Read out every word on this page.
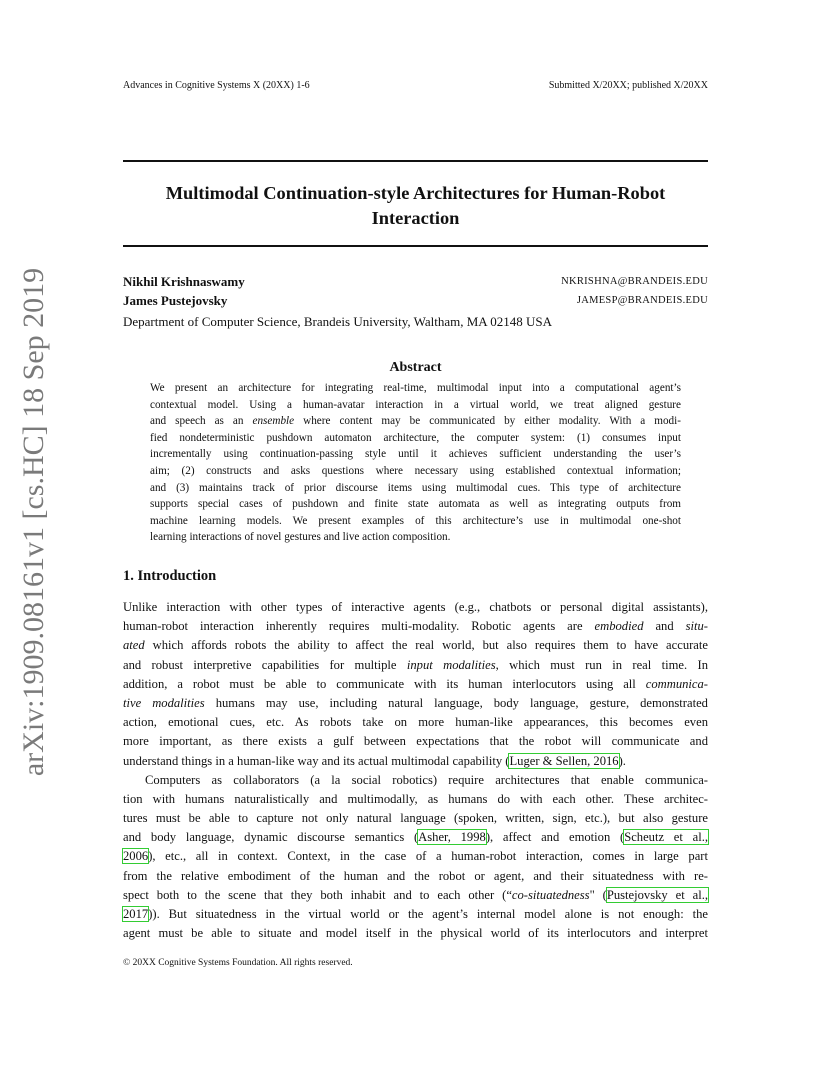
Advances in Cognitive Systems X (20XX) 1-6	Submitted X/20XX; published X/20XX
Multimodal Continuation-style Architectures for Human-Robot
Interaction
Nikhil Krishnaswamy	NKRISHNA@BRANDEIS.EDU
James Pustejovsky	JAMESP@BRANDEIS.EDU
Department of Computer Science, Brandeis University, Waltham, MA 02148 USA
Abstract
We present an architecture for integrating real-time, multimodal input into a computational agent’s
contextual model. Using a human-avatar interaction in a virtual world, we treat aligned gesture
and speech as an ensemble where content may be communicated by either modality. With a modi-
fied nondeterministic pushdown automaton architecture, the computer system: (1) consumes input
incrementally using continuation-passing style until it achieves sufficient understanding the user’s
aim; (2) constructs and asks questions where necessary using established contextual information;
and (3) maintains track of prior discourse items using multimodal cues. This type of architecture
supports special cases of pushdown and finite state automata as well as integrating outputs from
machine learning models. We present examples of this architecture’s use in multimodal one-shot
learning interactions of novel gestures and live action composition.
1. Introduction
Unlike interaction with other types of interactive agents (e.g., chatbots or personal digital assistants),
human-robot interaction inherently requires multi-modality. Robotic agents are embodied and situ-
ated which affords robots the ability to affect the real world, but also requires them to have accurate
and robust interpretive capabilities for multiple input modalities, which must run in real time. In
addition, a robot must be able to communicate with its human interlocutors using all communica-
tive modalities humans may use, including natural language, body language, gesture, demonstrated
action, emotional cues, etc. As robots take on more human-like appearances, this becomes even
more important, as there exists a gulf between expectations that the robot will communicate and
understand things in a human-like way and its actual multimodal capability (Luger & Sellen, 2016).
Computers as collaborators (a la social robotics) require architectures that enable communica-
tion with humans naturalistically and multimodally, as humans do with each other. These architec-
tures must be able to capture not only natural language (spoken, written, sign, etc.), but also gesture
and body language, dynamic discourse semantics (Asher, 1998), affect and emotion (Scheutz et al.,
2006), etc., all in context. Context, in the case of a human-robot interaction, comes in large part
from the relative embodiment of the human and the robot or agent, and their situatedness with re-
spect both to the scene that they both inhabit and to each other (“co-situatedness" (Pustejovsky et al.,
2017)). But situatedness in the virtual world or the agent’s internal model alone is not enough: the
agent must be able to situate and model itself in the physical world of its interlocutors and interpret
© 20XX Cognitive Systems Foundation. All rights reserved.
arXiv:1909.08161v1 [cs.HC] 18 Sep 2019
